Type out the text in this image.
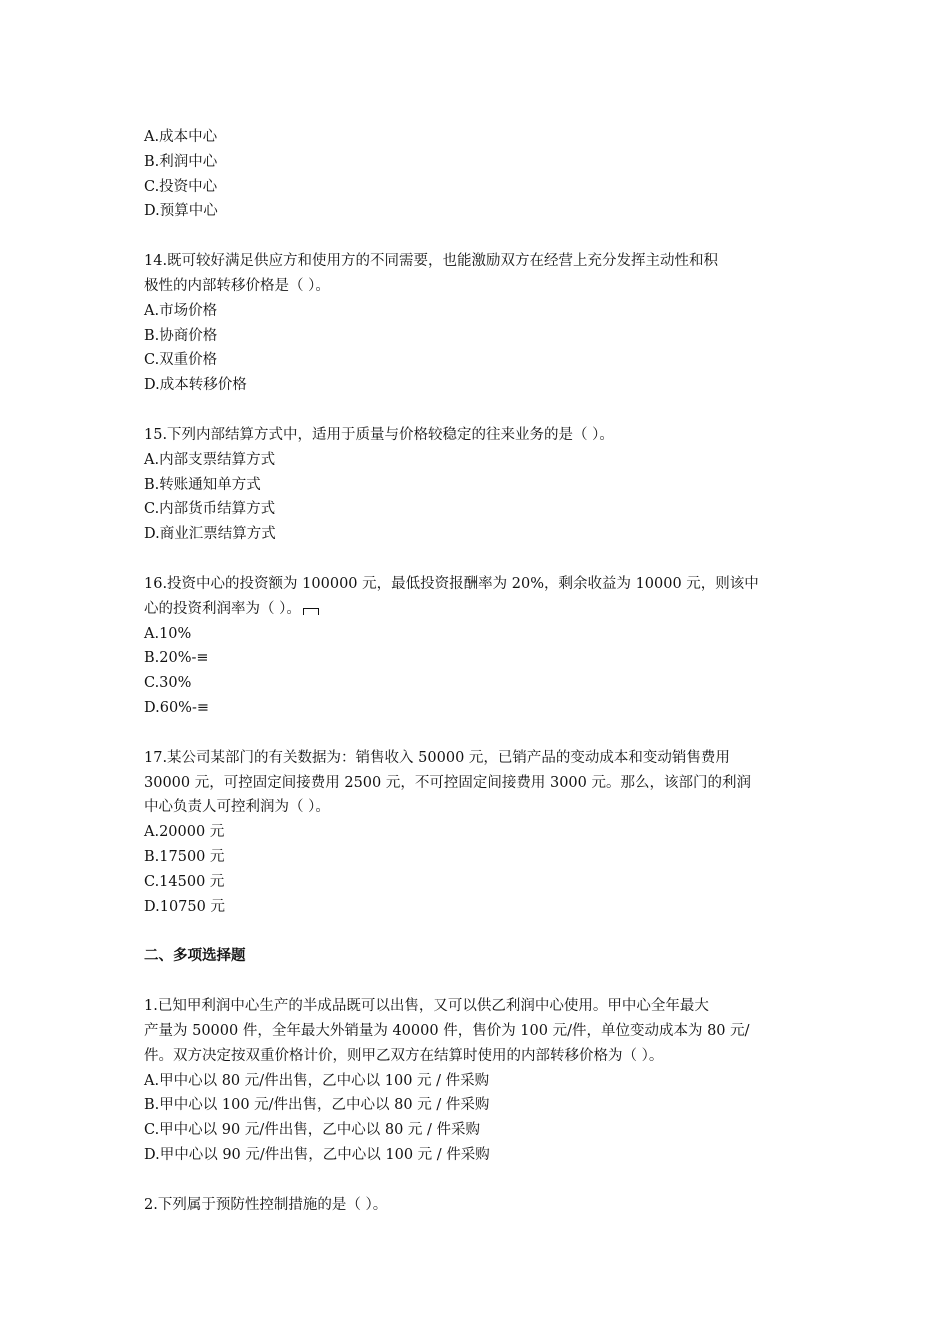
A.成本中心
B.利润中心
C.投资中心
D.预算中心
14.既可较好满足供应方和使用方的不同需要，也能激励双方在经营上充分发挥主动性和积
极性的内部转移价格是（ ）。
A.市场价格
B.协商价格
C.双重价格
D.成本转移价格
15.下列内部结算方式中，适用于质量与价格较稳定的往来业务的是（ ）。
A.内部支票结算方式
B.转账通知单方式
C.内部货币结算方式
D.商业汇票结算方式
16.投资中心的投资额为 100000 元，最低投资报酬率为 20%，剩余收益为 10000 元，则该中
心的投资利润率为（ ）。
A.10%
B.20%-≡
C.30%
D.60%-≡
17.某公司某部门的有关数据为：销售收入 50000 元，已销产品的变动成本和变动销售费用
30000 元，可控固定间接费用 2500 元，不可控固定间接费用 3000 元。那么，该部门的利润
中心负责人可控利润为（ ）。
A.20000 元
B.17500 元
C.14500 元
D.10750 元
二、多项选择题
1.已知甲利润中心生产的半成品既可以出售，又可以供乙利润中心使用。甲中心全年最大
产量为 50000 件，全年最大外销量为 40000 件，售价为 100 元/件，单位变动成本为 80 元/
件。双方决定按双重价格计价，则甲乙双方在结算时使用的内部转移价格为（ ）。
A.甲中心以 80 元/件出售，乙中心以 100 元 / 件采购
B.甲中心以 100 元/件出售，乙中心以 80 元 / 件采购
C.甲中心以 90 元/件出售，乙中心以 80 元 / 件采购
D.甲中心以 90 元/件出售，乙中心以 100 元 / 件采购
2.下列属于预防性控制措施的是（ ）。
